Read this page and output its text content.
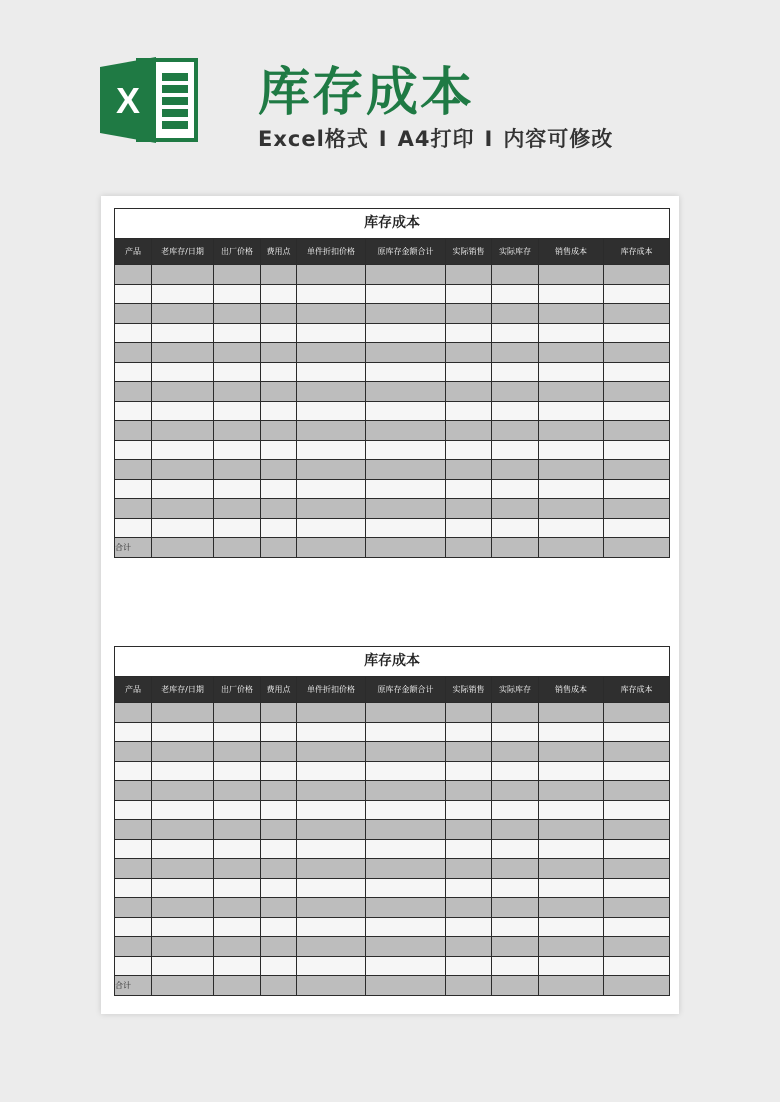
X 库存成本
Excel格式 I A4打印 I 内容可修改
库存成本									
产品	老库存/日期	出厂价格	费用点	单件折扣价格	原库存金额合计	实际销售	实际库存	销售成本	库存成本

合计									
库存成本									
产品	老库存/日期	出厂价格	费用点	单件折扣价格	原库存金额合计	实际销售	实际库存	销售成本	库存成本

合计									
